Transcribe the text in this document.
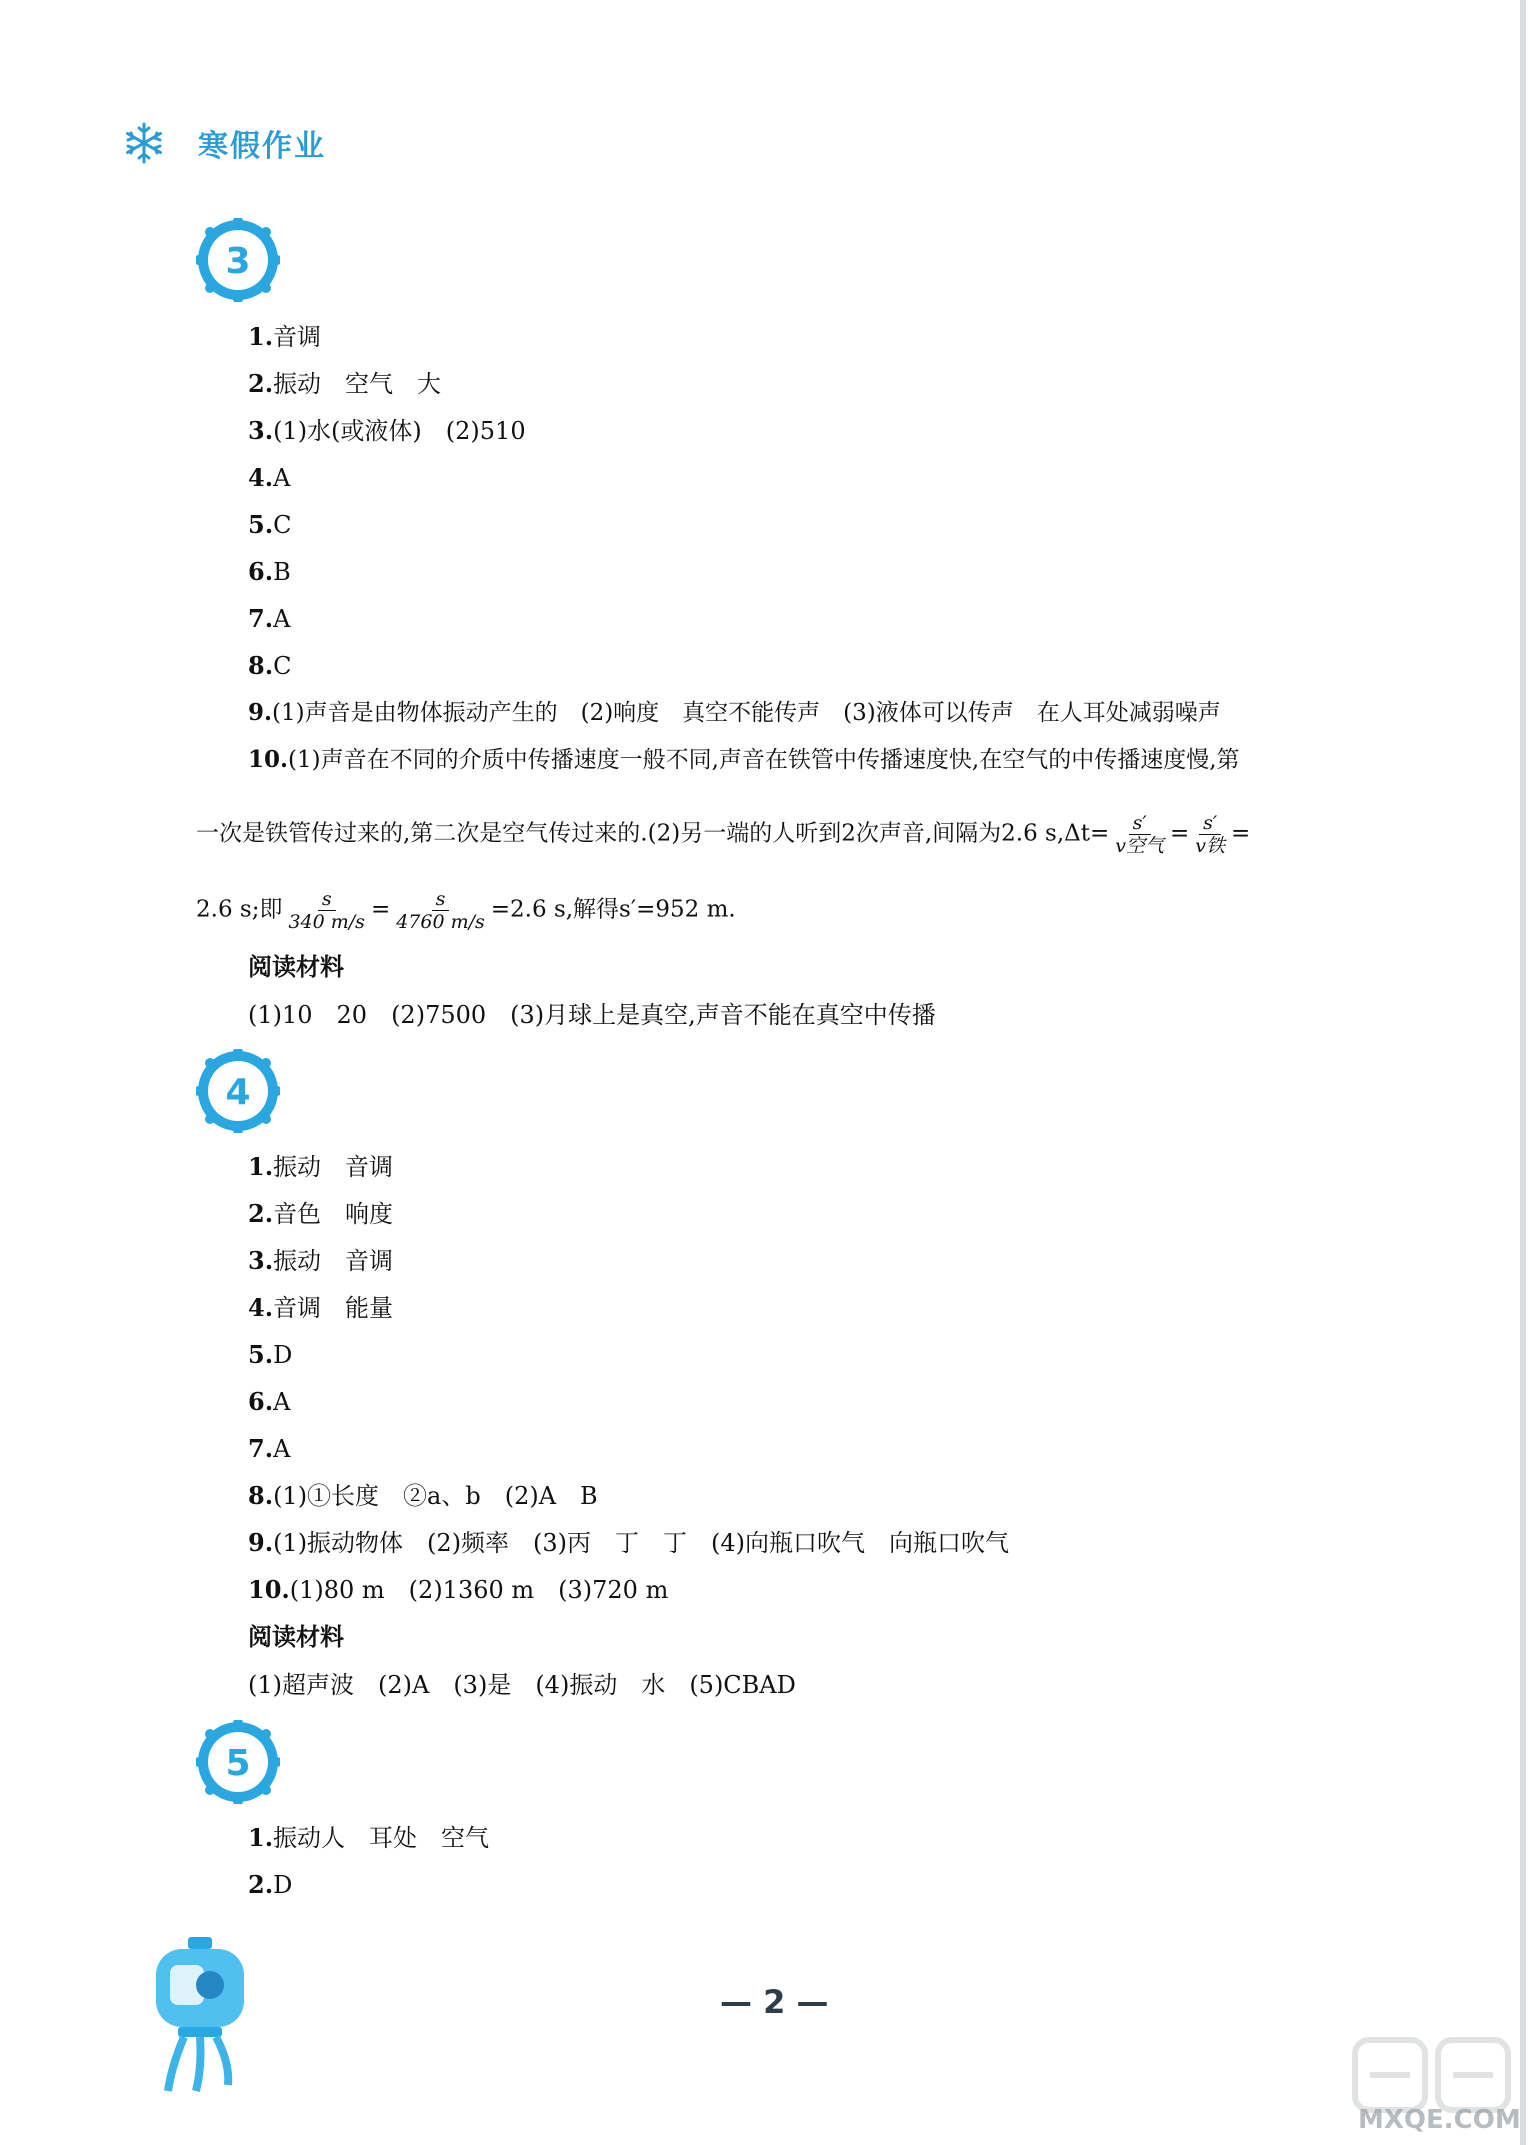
寒假作业
3
1.音调
2.振动　空气　大
3.(1)水(或液体)　(2)510
4.A
5.C
6.B
7.A
8.C
9.(1)声音是由物体振动产生的　(2)响度　真空不能传声　(3)液体可以传声　在人耳处减弱噪声
10.(1)声音在不同的介质中传播速度一般不同,声音在铁管中传播速度快,在空气的中传播速度慢,第
一次是铁管传过来的,第二次是空气传过来的.(2)另一端的人听到2次声音,间隔为2.6 $s,\Delta t= \frac{s'}{\text{v空气}} = \frac{s'}{\text{v铁}}$ =
2.6 s;即 $\frac{s}{340 m/s} = \frac{s}{4760 m/s} =2.6$ s,解得s′=952 m.
阅读材料
(1)10　20　(2)7500　(3)月球上是真空,声音不能在真空中传播
4
1.振动　音调
2.音色　响度
3.振动　音调
4.音调　能量
5.D
6.A
7.A
8.(1)①长度　②a、b　(2)A　B
9.(1)振动物体　(2)频率　(3)丙　丁　丁　(4)向瓶口吹气　向瓶口吹气
10.(1)80 m　(2)1360 m　(3)720 m
阅读材料
(1)超声波　(2)A　(3)是　(4)振动　水　(5)CBAD
5
1.振动人　耳处　空气
2.D
— 2 —
MXQE.COM
